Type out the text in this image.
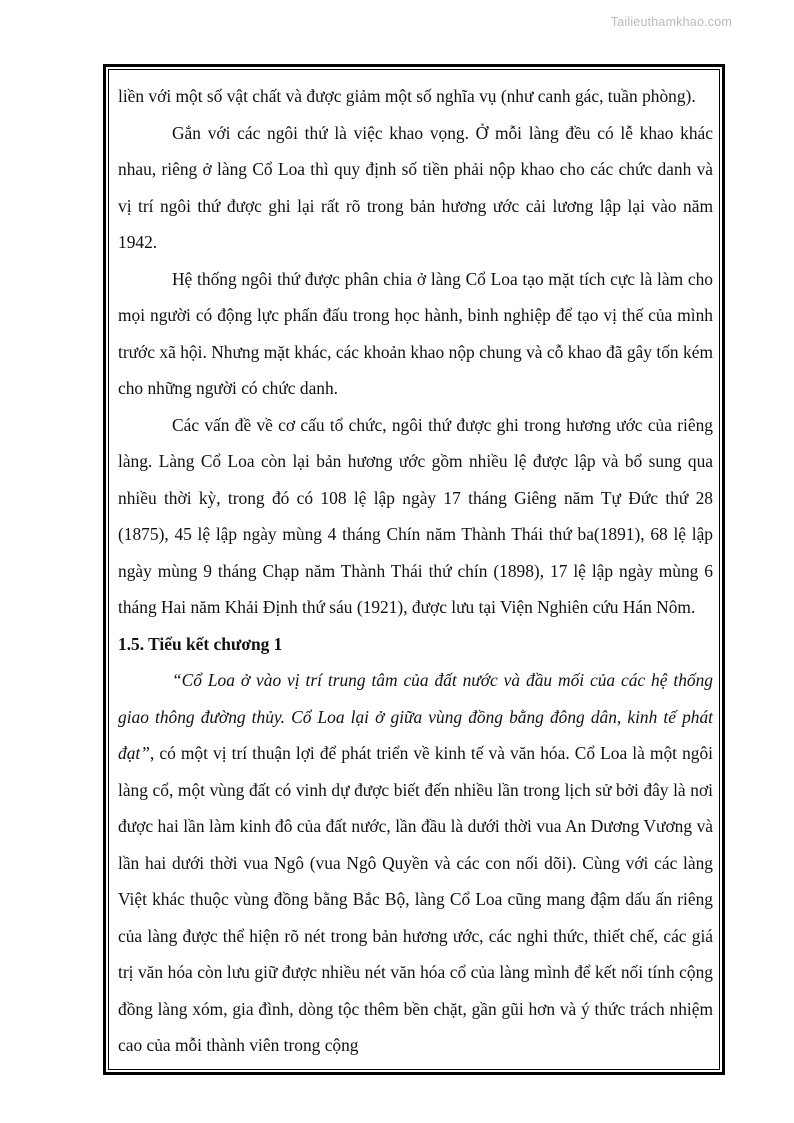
Tailieuthamkhao.com

liền với một số vật chất và được giảm một số nghĩa vụ (như canh gác, tuần phòng).

Gắn với các ngôi thứ là việc khao vọng. Ở mỗi làng đều có lễ khao khác nhau, riêng ở làng Cổ Loa thì quy định số tiền phải nộp khao cho các chức danh và vị trí ngôi thứ được ghi lại rất rõ trong bản hương ước cải lương lập lại vào năm 1942.

Hệ thống ngôi thứ được phân chia ở làng Cổ Loa tạo mặt tích cực là làm cho mọi người có động lực phấn đấu trong học hành, binh nghiệp để tạo vị thế của mình trước xã hội. Nhưng mặt khác, các khoản khao nộp chung và cỗ khao đã gây tốn kém cho những người có chức danh.

Các vấn đề về cơ cấu tổ chức, ngôi thứ được ghi trong hương ước của riêng làng. Làng Cổ Loa còn lại bản hương ước gồm nhiều lệ được lập và bổ sung qua nhiều thời kỳ, trong đó có 108 lệ lập ngày 17 tháng Giêng năm Tự Đức thứ 28 (1875), 45 lệ lập ngày mùng 4 tháng Chín năm Thành Thái thứ ba(1891), 68 lệ lập ngày mùng 9 tháng Chạp năm Thành Thái thứ chín (1898), 17 lệ lập ngày mùng 6 tháng Hai năm Khải Định thứ sáu (1921), được lưu tại Viện Nghiên cứu Hán Nôm.

1.5. Tiểu kết chương 1

“Cổ Loa ở vào vị trí trung tâm của đất nước và đầu mối của các hệ thống giao thông đường thủy. Cổ Loa lại ở giữa vùng đồng bằng đông dân, kinh tế phát đạt”, có một vị trí thuận lợi để phát triển về kinh tế và văn hóa. Cổ Loa là một ngôi làng cổ, một vùng đất có vinh dự được biết đến nhiều lần trong lịch sử bởi đây là nơi được hai lần làm kinh đô của đất nước, lần đầu là dưới thời vua An Dương Vương và lần hai dưới thời vua Ngô (vua Ngô Quyền và các con nối dõi). Cùng với các làng Việt khác thuộc vùng đồng bằng Bắc Bộ, làng Cổ Loa cũng mang đậm dấu ấn riêng của làng được thể hiện rõ nét trong bản hương ước, các nghi thức, thiết chế, các giá trị văn hóa còn lưu giữ được nhiều nét văn hóa cổ của làng mình để kết nối tính cộng đồng làng xóm, gia đình, dòng tộc thêm bền chặt, gần gũi hơn và ý thức trách nhiệm cao của mỗi thành viên trong cộng
